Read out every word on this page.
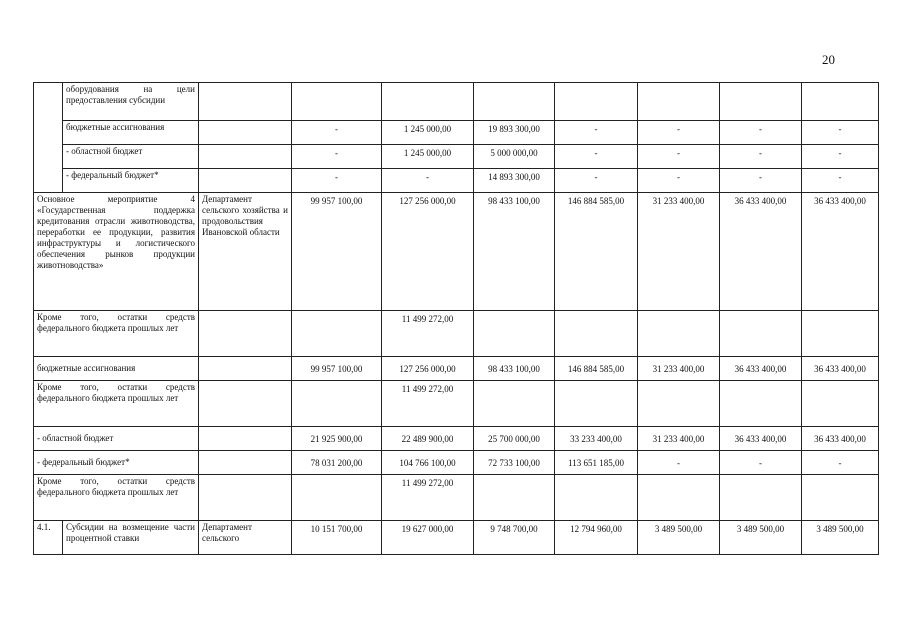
20
	оборудования на цели предоставления субсидии								
	бюджетные ассигнования		-	1 245 000,00	19 893 300,00	-	-	-	-
	- областной бюджет		-	1 245 000,00	5 000 000,00	-	-	-	-
	- федеральный бюджет*		-	-	14 893 300,00	-	-	-	-
Основное мероприятие 4 «Государственная поддержка кредитования отрасли животноводства, переработки ее продукции, развития инфраструктуры и логистического обеспечения рынков продукции животноводства»		Департамент сельского хозяйства и продовольствия Ивановской области	99 957 100,00	127 256 000,00	98 433 100,00	146 884 585,00	31 233 400,00	36 433 400,00	36 433 400,00
Кроме того, остатки средств федерального бюджета прошлых лет				11 499 272,00					
бюджетные ассигнования			99 957 100,00	127 256 000,00	98 433 100,00	146 884 585,00	31 233 400,00	36 433 400,00	36 433 400,00
Кроме того, остатки средств федерального бюджета прошлых лет				11 499 272,00					
- областной бюджет			21 925 900,00	22 489 900,00	25 700 000,00	33 233 400,00	31 233 400,00	36 433 400,00	36 433 400,00
- федеральный бюджет*			78 031 200,00	104 766 100,00	72 733 100,00	113 651 185,00	-	-	-
Кроме того, остатки средств федерального бюджета прошлых лет				11 499 272,00					
4.1.	Субсидии на возмещение части процентной ставки	Департамент сельского	10 151 700,00	19 627 000,00	9 748 700,00	12 794 960,00	3 489 500,00	3 489 500,00	3 489 500,00
